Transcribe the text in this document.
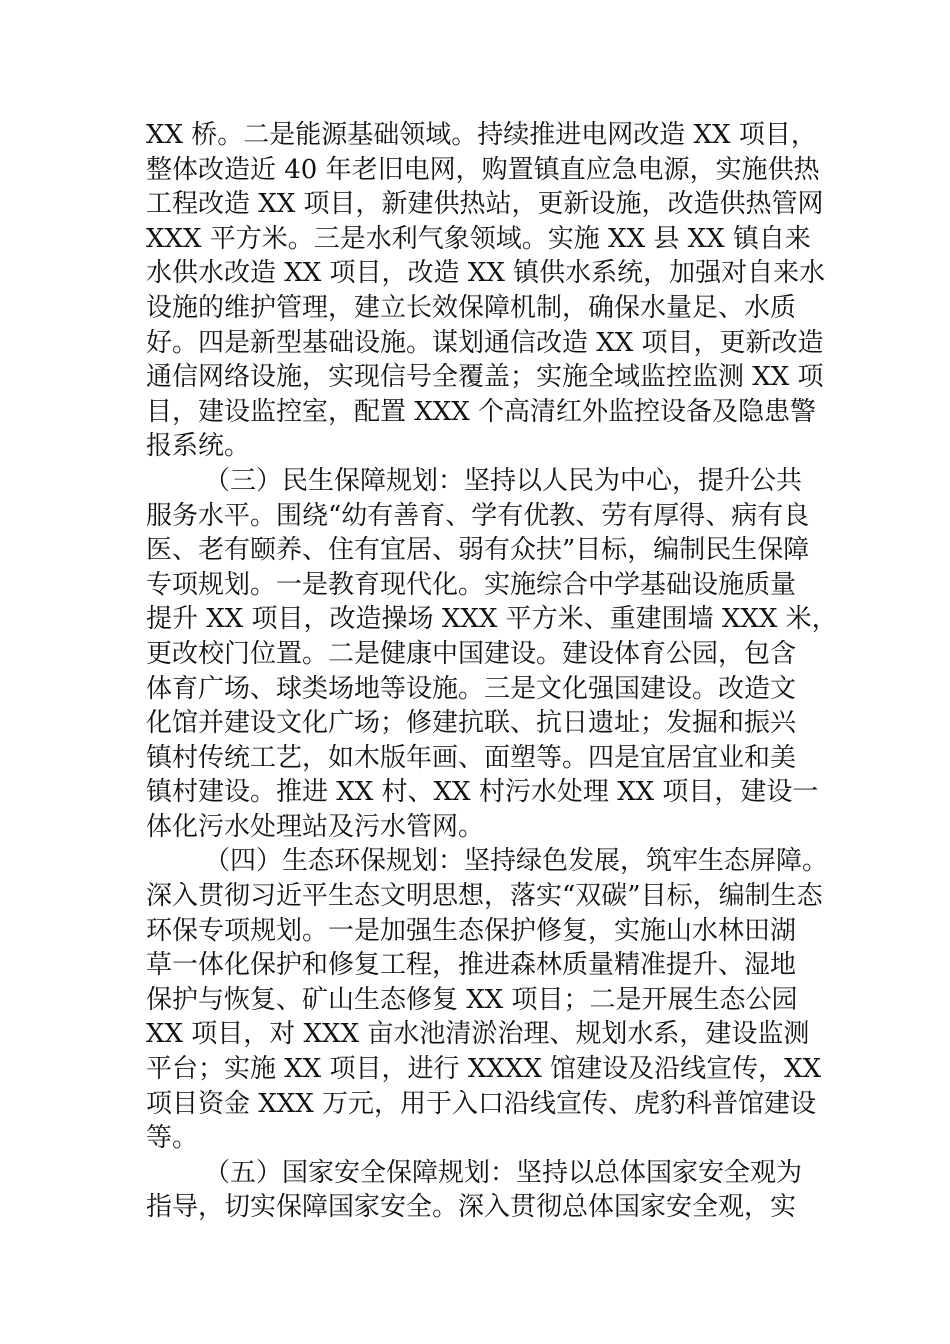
XX 桥。二是能源基础领域。持续推进电网改造 XX 项目，
整体改造近 40 年老旧电网，购置镇直应急电源，实施供热
工程改造 XX 项目，新建供热站，更新设施，改造供热管网
XXX 平方米。三是水利气象领域。实施 XX 县 XX 镇自来
水供水改造 XX 项目，改造 XX 镇供水系统，加强对自来水
设施的维护管理，建立长效保障机制，确保水量足、水质
好。四是新型基础设施。谋划通信改造 XX 项目，更新改造
通信网络设施，实现信号全覆盖；实施全域监控监测 XX 项
目，建设监控室，配置 XXX 个高清红外监控设备及隐患警
报系统。
（三）民生保障规划：坚持以人民为中心，提升公共
服务水平。围绕“幼有善育、学有优教、劳有厚得、病有良
医、老有颐养、住有宜居、弱有众扶”目标，编制民生保障
专项规划。一是教育现代化。实施综合中学基础设施质量
提升 XX 项目，改造操场 XXX 平方米、重建围墙 XXX 米，
更改校门位置。二是健康中国建设。建设体育公园，包含
体育广场、球类场地等设施。三是文化强国建设。改造文
化馆并建设文化广场；修建抗联、抗日遗址；发掘和振兴
镇村传统工艺，如木版年画、面塑等。四是宜居宜业和美
镇村建设。推进 XX 村、XX 村污水处理 XX 项目，建设一
体化污水处理站及污水管网。
（四）生态环保规划：坚持绿色发展，筑牢生态屏障。
深入贯彻习近平生态文明思想，落实“双碳”目标，编制生态
环保专项规划。一是加强生态保护修复，实施山水林田湖
草一体化保护和修复工程，推进森林质量精准提升、湿地
保护与恢复、矿山生态修复 XX 项目；二是开展生态公园
XX 项目，对 XXX 亩水池清淤治理、规划水系，建设监测
平台；实施 XX 项目，进行 XXXX 馆建设及沿线宣传，XX
项目资金 XXX 万元，用于入口沿线宣传、虎豹科普馆建设
等。
（五）国家安全保障规划：坚持以总体国家安全观为
指导，切实保障国家安全。深入贯彻总体国家安全观，实
